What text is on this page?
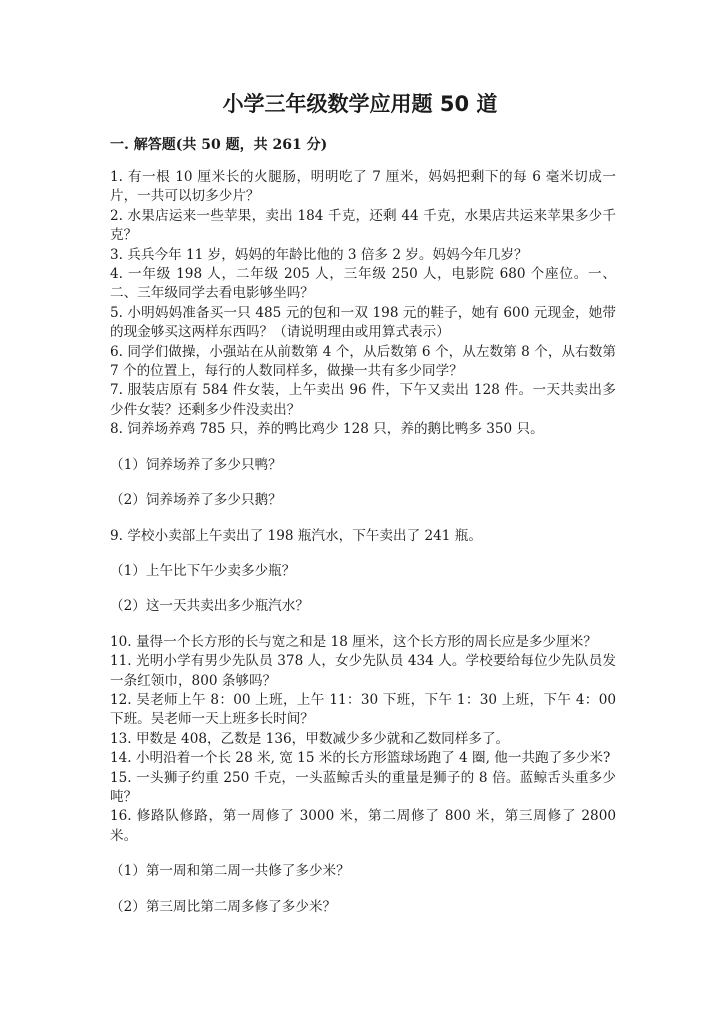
小学三年级数学应用题 50 道
一. 解答题(共 50 题，共 261 分)

1. 有一根 10 厘米长的火腿肠，明明吃了 7 厘米，妈妈把剩下的每 6 毫米切成一片，一共可以切多少片？

2. 水果店运来一些苹果，卖出 184 千克，还剩 44 千克，水果店共运来苹果多少千克？

3. 兵兵今年 11 岁，妈妈的年龄比他的 3 倍多 2 岁。妈妈今年几岁？

4. 一年级 198 人，二年级 205 人，三年级 250 人，电影院 680 个座位。一、二、三年级同学去看电影够坐吗？

5. 小明妈妈准备买一只 485 元的包和一双 198 元的鞋子，她有 600 元现金，她带的现金够买这两样东西吗？（请说明理由或用算式表示）

6. 同学们做操，小强站在从前数第 4 个，从后数第 6 个，从左数第 8 个，从右数第 7 个的位置上，每行的人数同样多，做操一共有多少同学？

7. 服装店原有 584 件女装，上午卖出 96 件，下午又卖出 128 件。一天共卖出多少件女装？还剩多少件没卖出？

8. 饲养场养鸡 785 只，养的鸭比鸡少 128 只，养的鹅比鸭多 350 只。

（1）饲养场养了多少只鸭？

（2）饲养场养了多少只鹅？

9. 学校小卖部上午卖出了 198 瓶汽水，下午卖出了 241 瓶。

（1）上午比下午少卖多少瓶？

（2）这一天共卖出多少瓶汽水？

10. 量得一个长方形的长与宽之和是 18 厘米，这个长方形的周长应是多少厘米？

11. 光明小学有男少先队员 378 人，女少先队员 434 人。学校要给每位少先队员发一条红领巾，800 条够吗？

12. 吴老师上午 8：00 上班，上午 11：30 下班，下午 1：30 上班，下午 4：00 下班。吴老师一天上班多长时间？

13. 甲数是 408，乙数是 136，甲数减少多少就和乙数同样多了。

14. 小明沿着一个长 28 米, 宽 15 米的长方形篮球场跑了 4 圈, 他一共跑了多少米?

15. 一头狮子约重 250 千克，一头蓝鲸舌头的重量是狮子的 8 倍。蓝鲸舌头重多少吨？

16. 修路队修路，第一周修了 3000 米，第二周修了 800 米，第三周修了 2800 米。

（1）第一周和第二周一共修了多少米？

（2）第三周比第二周多修了多少米？
